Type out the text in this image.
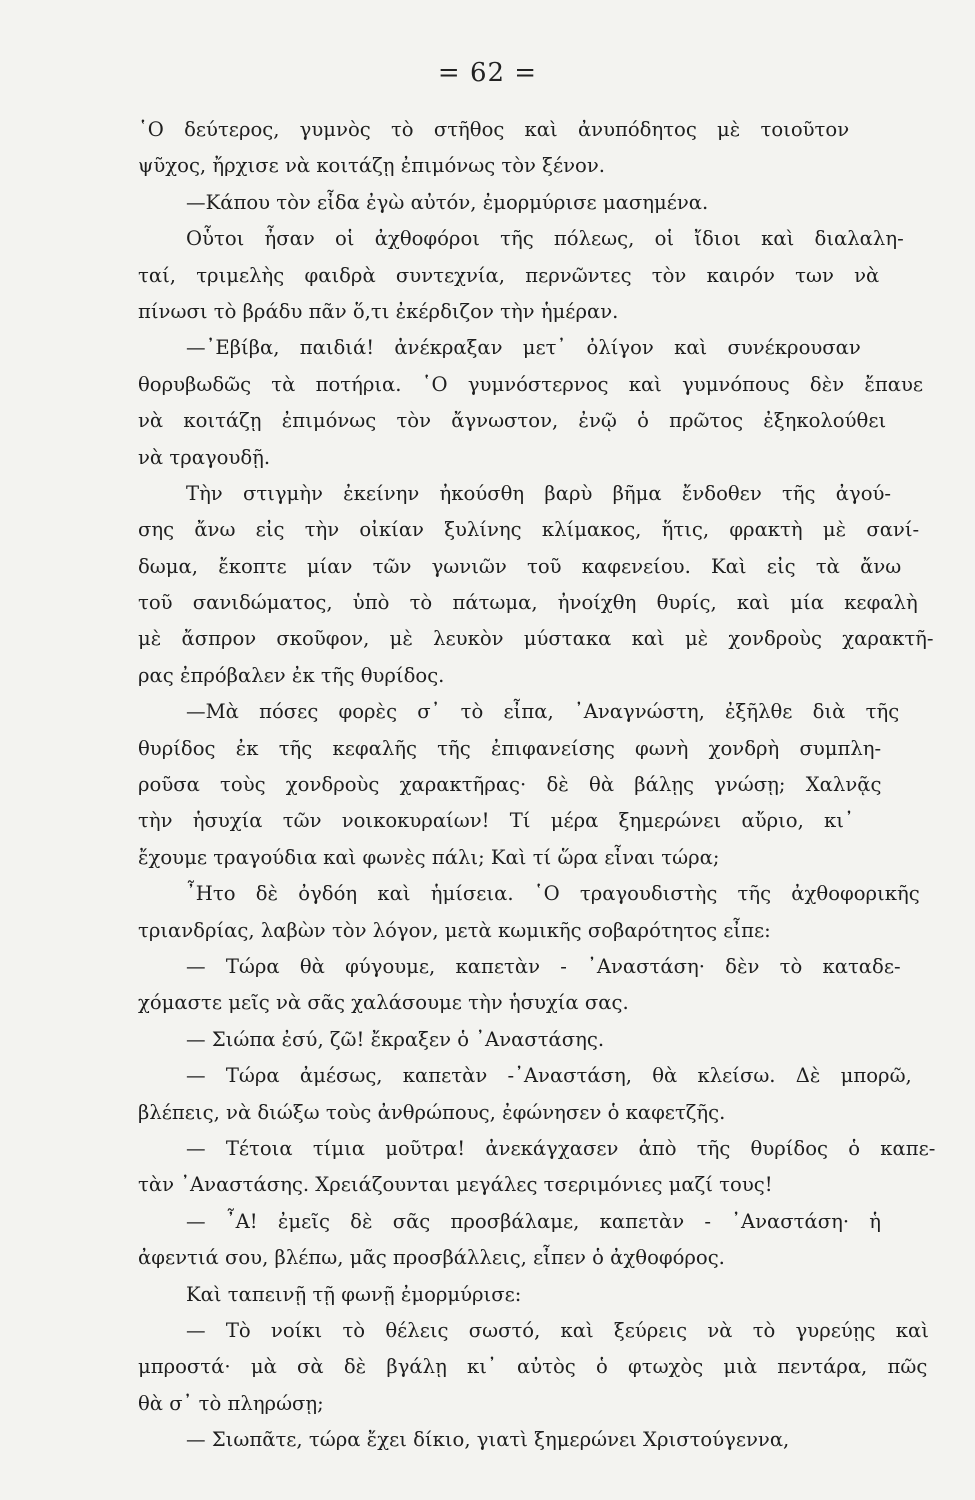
= 62 =
῾Ο δεύτερος, γυμνὸς τὸ στῆθος καὶ ἀνυπόδητος μὲ τοιοῦτον
ψῦχος, ἤρχισε νὰ κοιτάζῃ ἐπιμόνως τὸν ξένον.
—Κάπου τὸν εἶδα ἐγὼ αὐτόν, ἐμορμύρισε μασημένα.
Οὗτοι ἦσαν οἱ ἀχθοφόροι τῆς πόλεως, οἱ ἴδιοι καὶ διαλαλη-
ταί, τριμελὴς φαιδρὰ συντεχνία, περνῶντες τὸν καιρόν των νὰ
πίνωσι τὸ βράδυ πᾶν ὅ,τι ἐκέρδιζον τὴν ἡμέραν.
—᾿Εβίβα, παιδιά! ἀνέκραξαν μετ᾿ ὀλίγον καὶ συνέκρουσαν
θορυβωδῶς τὰ ποτήρια. ῾Ο γυμνόστερνος καὶ γυμνόπους δὲν ἔπαυε
νὰ κοιτάζῃ ἐπιμόνως τὸν ἄγνωστον, ἐνῷ ὁ πρῶτος ἐξηκολούθει
νὰ τραγουδῇ.
Τὴν στιγμὴν ἐκείνην ἠκούσθη βαρὺ βῆμα ἔνδοθεν τῆς ἀγού-
σης ἄνω εἰς τὴν οἰκίαν ξυλίνης κλίμακος, ἥτις, φρακτὴ μὲ σανί-
δωμα, ἔκοπτε μίαν τῶν γωνιῶν τοῦ καφενείου. Καὶ εἰς τὰ ἄνω
τοῦ σανιδώματος, ὑπὸ τὸ πάτωμα, ἠνοίχθη θυρίς, καὶ μία κεφαλὴ
μὲ ἄσπρον σκοῦφον, μὲ λευκὸν μύστακα καὶ μὲ χονδροὺς χαρακτῆ-
ρας ἐπρόβαλεν ἐκ τῆς θυρίδος.
—Μὰ πόσες φορὲς σ᾿ τὸ εἶπα, ᾿Αναγνώστη, ἐξῆλθε διὰ τῆς
θυρίδος ἐκ τῆς κεφαλῆς τῆς ἐπιφανείσης φωνὴ χονδρὴ συμπλη-
ροῦσα τοὺς χονδροὺς χαρακτῆρας· δὲ θὰ βάλῃς γνώσῃ; Χαλνᾷς
τὴν ἡσυχία τῶν νοικοκυραίων! Τί μέρα ξημερώνει αὔριο, κι᾿
ἔχουμε τραγούδια καὶ φωνὲς πάλι; Καὶ τί ὥρα εἶναι τώρα;
῏Ητο δὲ ὀγδόη καὶ ἡμίσεια. ῾Ο τραγουδιστὴς τῆς ἀχθοφορικῆς
τριανδρίας, λαβὼν τὸν λόγον, μετὰ κωμικῆς σοβαρότητος εἶπε:
— Τώρα θὰ φύγουμε, καπετὰν - ᾿Αναστάση· δὲν τὸ καταδε-
χόμαστε μεῖς νὰ σᾶς χαλάσουμε τὴν ἡσυχία σας.
— Σιώπα ἐσύ, ζῶ! ἔκραξεν ὁ ᾿Αναστάσης.
— Τώρα ἀμέσως, καπετὰν -᾿Αναστάση, θὰ κλείσω. Δὲ μπορῶ,
βλέπεις, νὰ διώξω τοὺς ἀνθρώπους, ἐφώνησεν ὁ καφετζῆς.
— Τέτοια τίμια μοῦτρα! ἀνεκάγχασεν ἀπὸ τῆς θυρίδος ὁ καπε-
τὰν ᾿Αναστάσης. Χρειάζουνται μεγάλες τσεριμόνιες μαζί τους!
— ῏Α! ἐμεῖς δὲ σᾶς προσβάλαμε, καπετὰν - ᾿Αναστάση· ἡ
ἀφεντιά σου, βλέπω, μᾶς προσβάλλεις, εἶπεν ὁ ἀχθοφόρος.
Καὶ ταπεινῇ τῇ φωνῇ ἐμορμύρισε:
— Τὸ νοίκι τὸ θέλεις σωστό, καὶ ξεύρεις νὰ τὸ γυρεύῃς καὶ
μπροστά· μὰ σὰ δὲ βγάλῃ κι᾿ αὐτὸς ὁ φτωχὸς μιὰ πεντάρα, πῶς
θὰ σ᾿ τὸ πληρώσῃ;
— Σιωπᾶτε, τώρα ἔχει δίκιο, γιατὶ ξημερώνει Χριστούγεννα,
